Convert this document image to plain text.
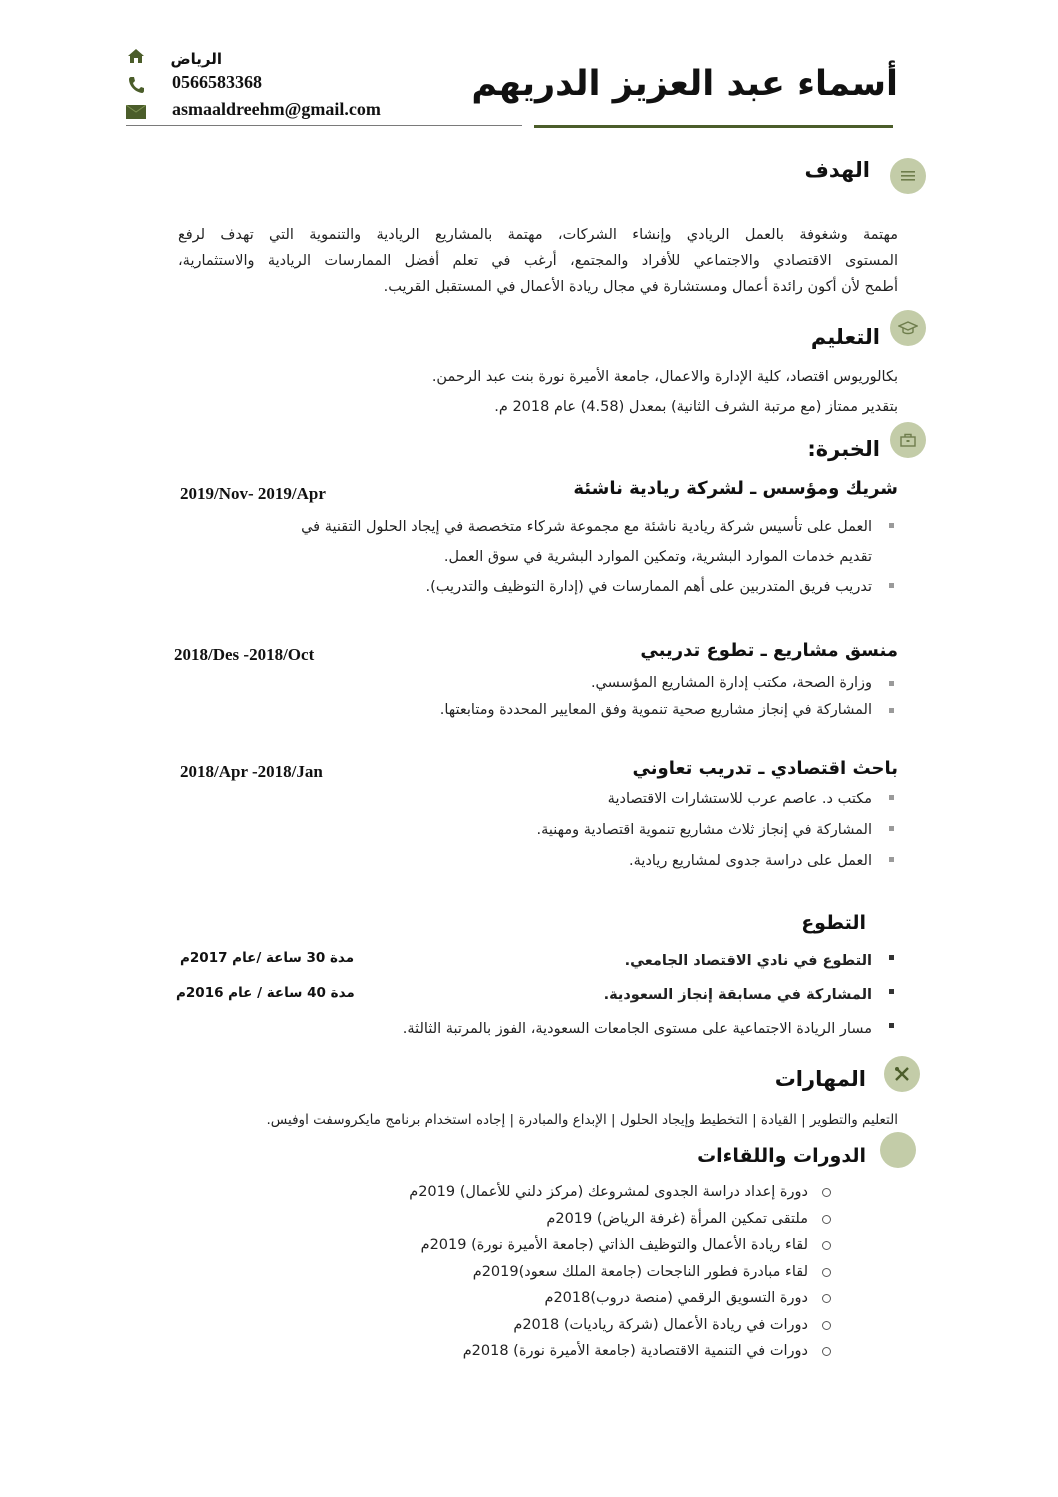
أسماء عبد العزيز الدريهم
الرياض
0566583368
asmaaldreehm@gmail.com
الهدف
مهتمة وشغوفة بالعمل الريادي وإنشاء الشركات، مهتمة بالمشاريع الريادية والتنموية التي تهدف لرفع
المستوى الاقتصادي والاجتماعي للأفراد والمجتمع، أرغب في تعلم أفضل الممارسات الريادية والاستثمارية،
أطمح لأن أكون رائدة أعمال ومستشارة في مجال ريادة الأعمال في المستقبل القريب.
التعليم
بكالوريوس اقتصاد، كلية الإدارة والاعمال، جامعة الأميرة نورة بنت عبد الرحمن.
بتقدير ممتاز (مع مرتبة الشرف الثانية) بمعدل (4.58) عام 2018 م.
الخبرة:
شريك ومؤسس ـ لشركة ريادية ناشئة
2019/Nov- 2019/Apr
العمل على تأسيس شركة ريادية ناشئة مع مجموعة شركاء متخصصة في إيجاد الحلول التقنية في
تقديم خدمات الموارد البشرية، وتمكين الموارد البشرية في سوق العمل.
تدريب فريق المتدربين على أهم الممارسات في (إدارة التوظيف والتدريب).
منسق مشاريع ـ تطوع تدريبي
2018/Des -2018/Oct
وزارة الصحة، مكتب إدارة المشاريع المؤسسي.
المشاركة في إنجاز مشاريع صحية تنموية وفق المعايير المحددة ومتابعتها.
باحث اقتصادي ـ تدريب تعاوني
2018/Apr -2018/Jan
مكتب د. عاصم عرب للاستشارات الاقتصادية
المشاركة في إنجاز ثلاث مشاريع تنموية اقتصادية ومهنية.
العمل على دراسة جدوى لمشاريع ريادية.
التطوع
التطوع في نادي الاقتصاد الجامعي.
المشاركة في مسابقة إنجاز السعودية.
مسار الريادة الاجتماعية على مستوى الجامعات السعودية، الفوز بالمرتبة الثالثة.
مدة 30 ساعة /عام 2017م
مدة 40 ساعة / عام 2016م
المهارات
التعليم والتطوير | القيادة | التخطيط وإيجاد الحلول | الإبداع والمبادرة | إجاده استخدام برنامج مايكروسفت اوفيس.
الدورات واللقاءات
دورة إعداد دراسة الجدوى لمشروعك (مركز دلني للأعمال) 2019م
ملتقى تمكين المرأة (غرفة الرياض) 2019م
لقاء ريادة الأعمال والتوظيف الذاتي (جامعة الأميرة نورة) 2019م
لقاء مبادرة فطور الناجحات (جامعة الملك سعود)2019م
دورة التسويق الرقمي (منصة دروب)2018م
دورات في ريادة الأعمال (شركة رياديات) 2018م
دورات في التنمية الاقتصادية (جامعة الأميرة نورة) 2018م
